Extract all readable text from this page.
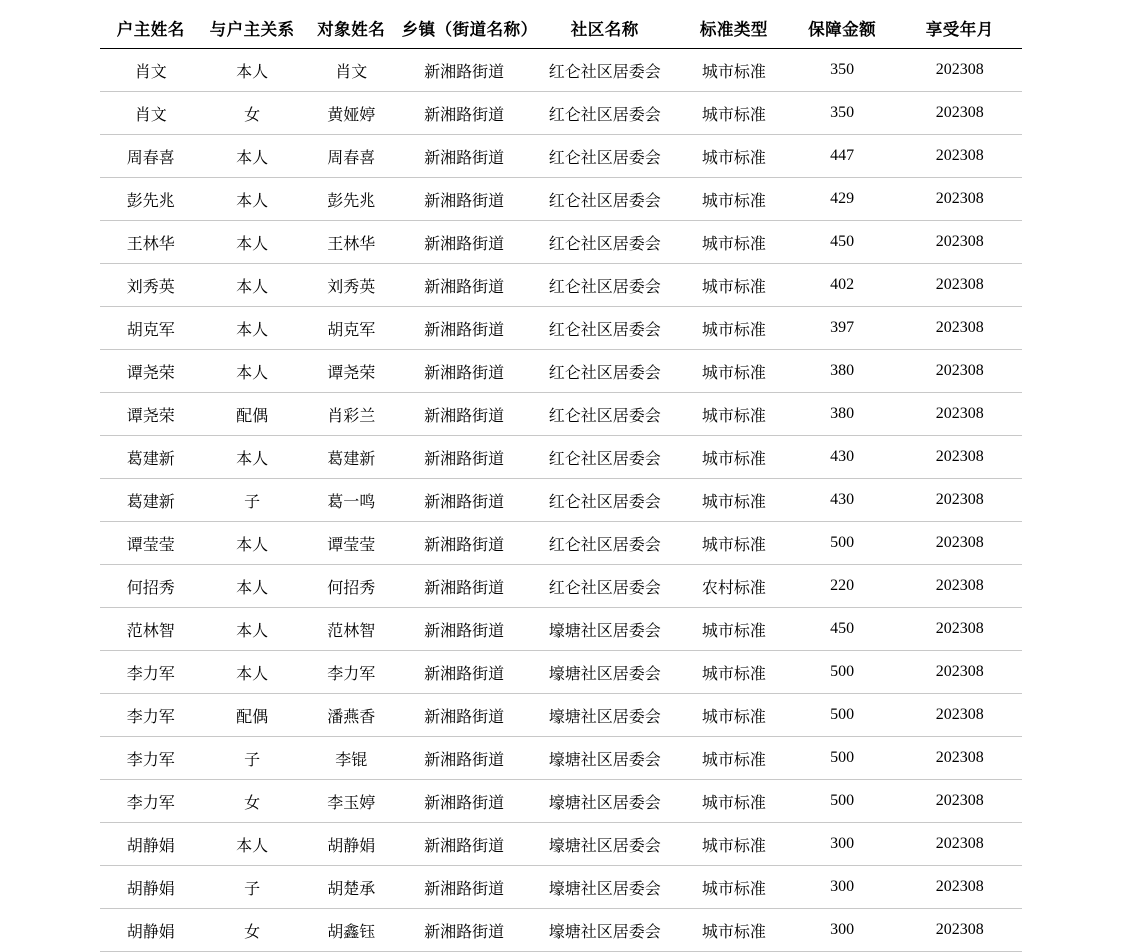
户主姓名	与户主关系	对象姓名	乡镇（街道名称）	社区名称	标准类型	保障金额	享受年月
肖文	本人	肖文	新湘路街道	红仑社区居委会	城市标准	350	202308
肖文	女	黄娅婷	新湘路街道	红仑社区居委会	城市标准	350	202308
周春喜	本人	周春喜	新湘路街道	红仑社区居委会	城市标准	447	202308
彭先兆	本人	彭先兆	新湘路街道	红仑社区居委会	城市标准	429	202308
王林华	本人	王林华	新湘路街道	红仑社区居委会	城市标准	450	202308
刘秀英	本人	刘秀英	新湘路街道	红仑社区居委会	城市标准	402	202308
胡克军	本人	胡克军	新湘路街道	红仑社区居委会	城市标准	397	202308
谭尧荣	本人	谭尧荣	新湘路街道	红仑社区居委会	城市标准	380	202308
谭尧荣	配偶	肖彩兰	新湘路街道	红仑社区居委会	城市标准	380	202308
葛建新	本人	葛建新	新湘路街道	红仑社区居委会	城市标准	430	202308
葛建新	子	葛一鸣	新湘路街道	红仑社区居委会	城市标准	430	202308
谭莹莹	本人	谭莹莹	新湘路街道	红仑社区居委会	城市标准	500	202308
何招秀	本人	何招秀	新湘路街道	红仑社区居委会	农村标准	220	202308
范林智	本人	范林智	新湘路街道	壕塘社区居委会	城市标准	450	202308
李力军	本人	李力军	新湘路街道	壕塘社区居委会	城市标准	500	202308
李力军	配偶	潘燕香	新湘路街道	壕塘社区居委会	城市标准	500	202308
李力军	子	李锟	新湘路街道	壕塘社区居委会	城市标准	500	202308
李力军	女	李玉婷	新湘路街道	壕塘社区居委会	城市标准	500	202308
胡静娟	本人	胡静娟	新湘路街道	壕塘社区居委会	城市标准	300	202308
胡静娟	子	胡楚承	新湘路街道	壕塘社区居委会	城市标准	300	202308
胡静娟	女	胡鑫钰	新湘路街道	壕塘社区居委会	城市标准	300	202308
